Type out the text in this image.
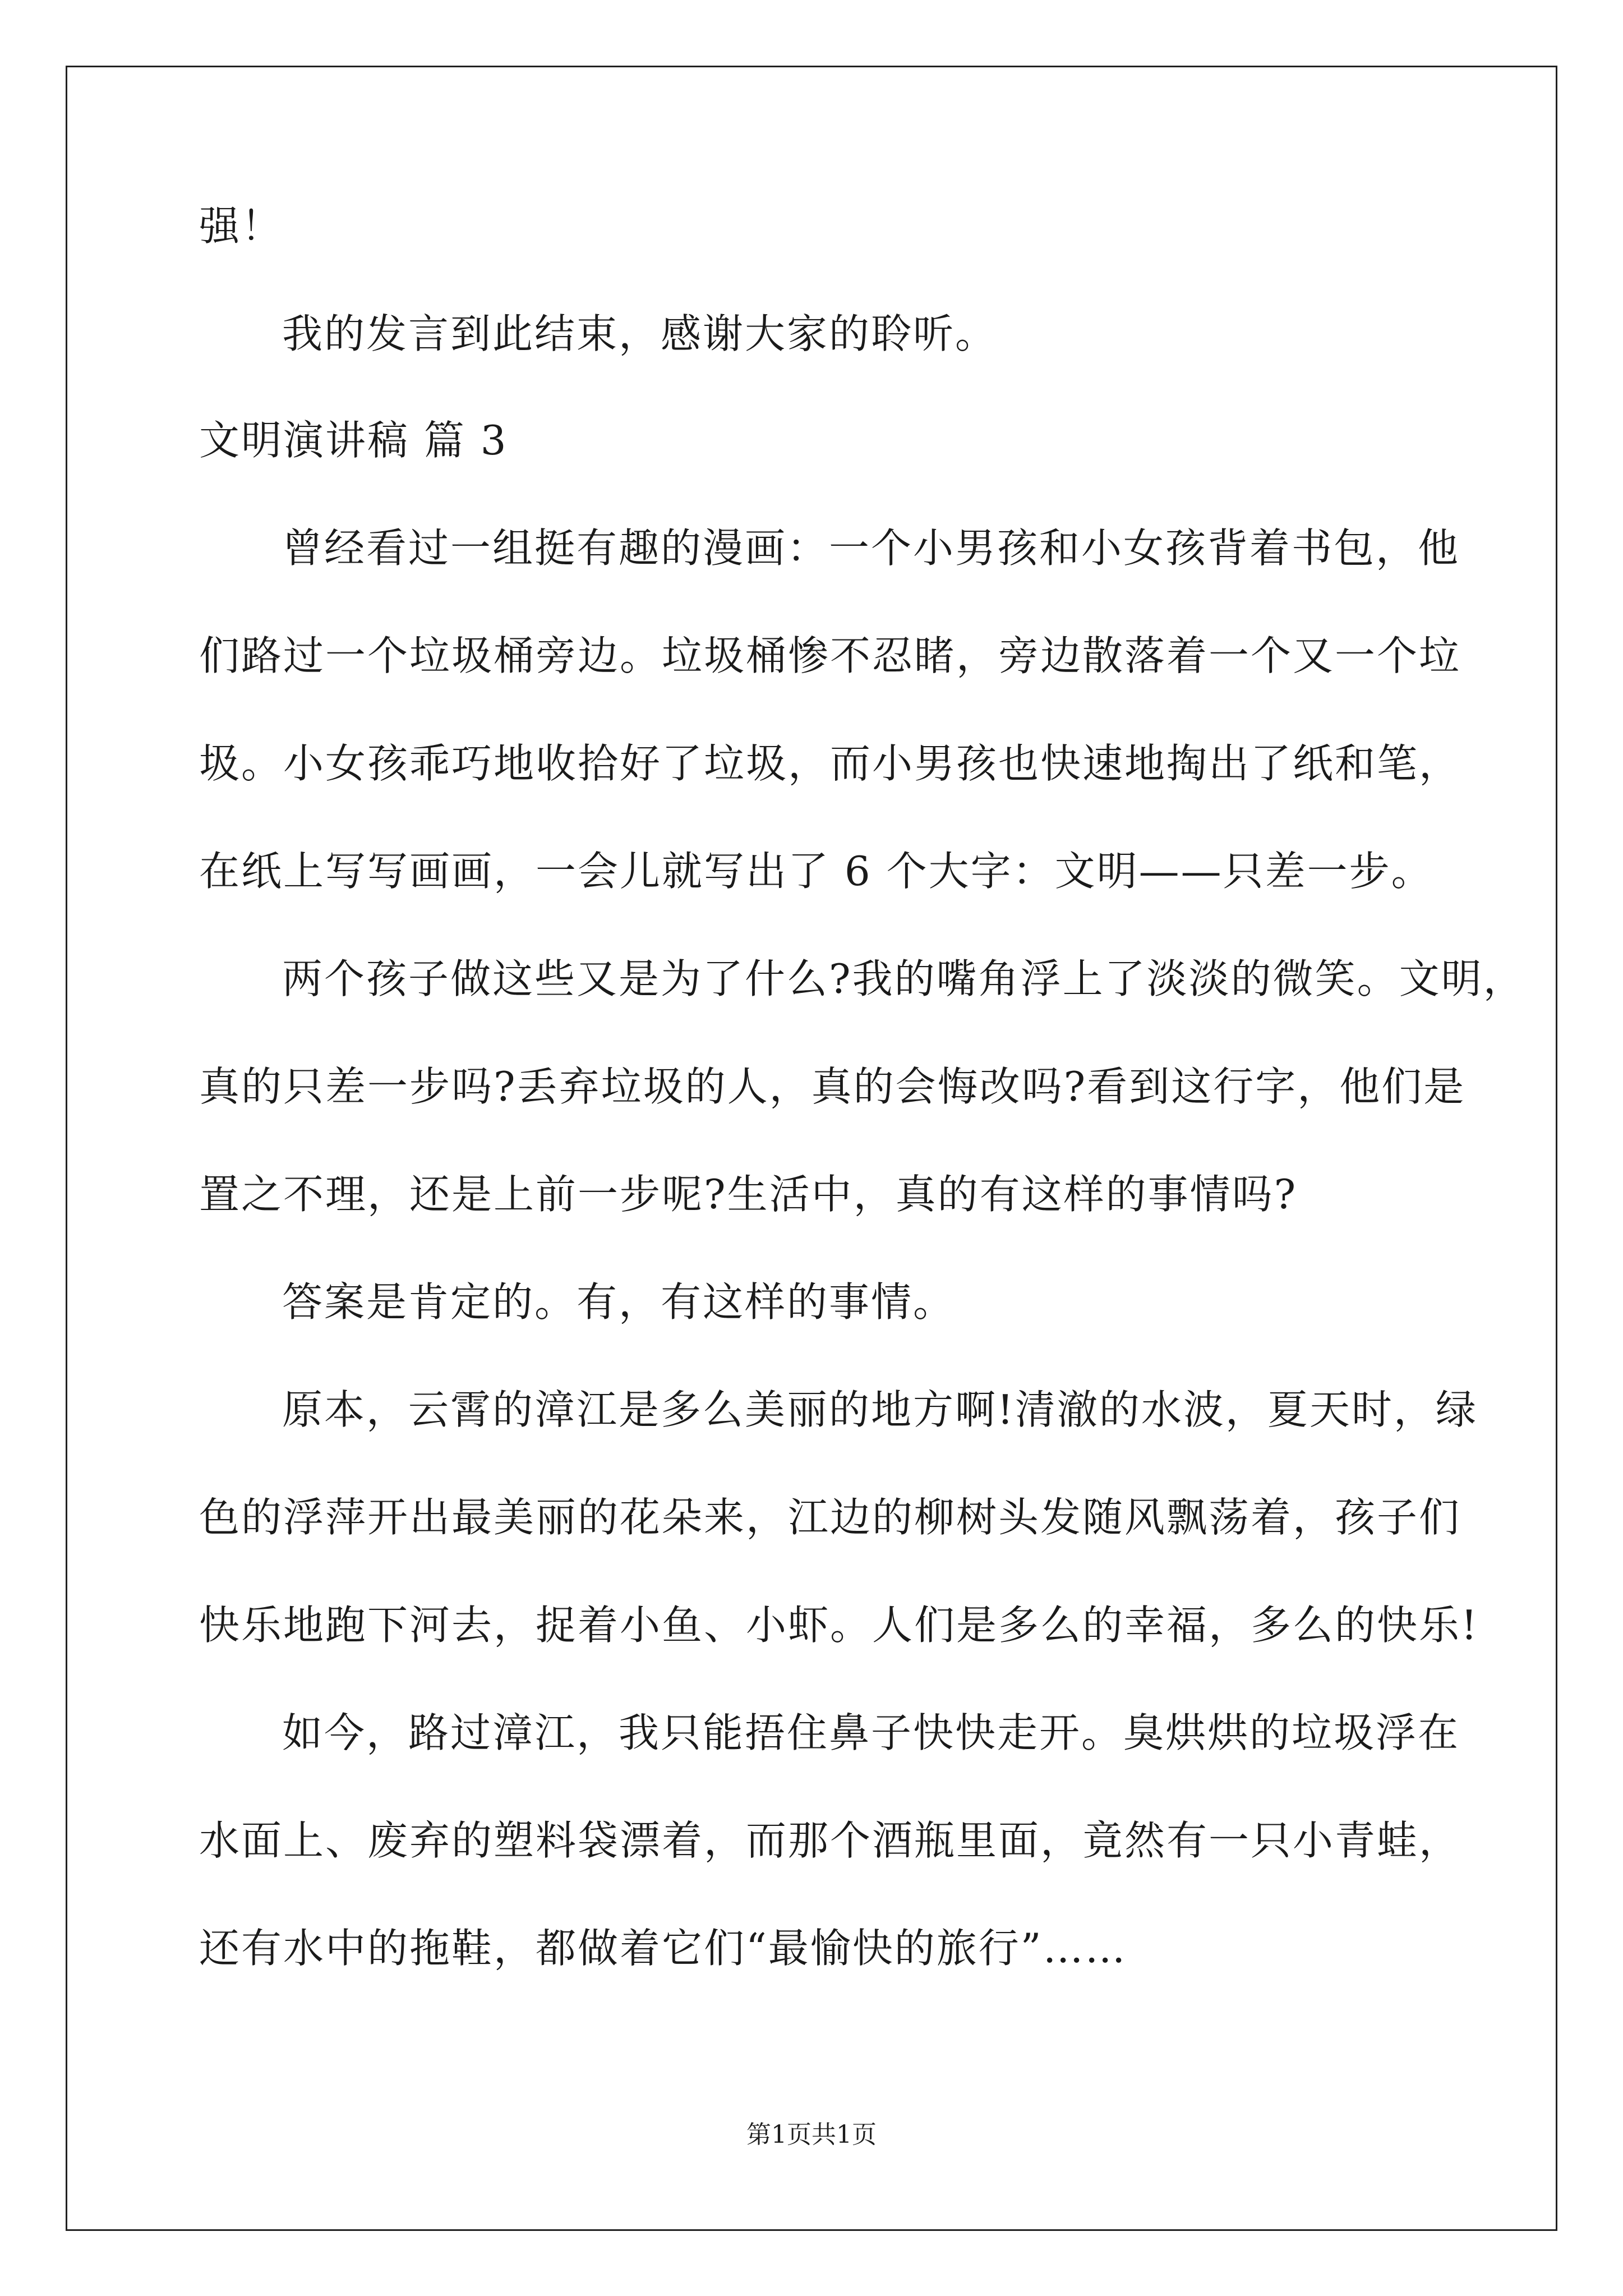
强！
我的发言到此结束，感谢大家的聆听。
文明演讲稿 篇 3
曾经看过一组挺有趣的漫画：一个小男孩和小女孩背着书包，他
们路过一个垃圾桶旁边。垃圾桶惨不忍睹，旁边散落着一个又一个垃
圾。小女孩乖巧地收拾好了垃圾，而小男孩也快速地掏出了纸和笔，
在纸上写写画画，一会儿就写出了 6 个大字：文明——只差一步。
两个孩子做这些又是为了什么?我的嘴角浮上了淡淡的微笑。文明，
真的只差一步吗?丢弃垃圾的人，真的会悔改吗?看到这行字，他们是
置之不理，还是上前一步呢?生活中，真的有这样的事情吗?
答案是肯定的。有，有这样的事情。
原本，云霄的漳江是多么美丽的地方啊!清澈的水波，夏天时，绿
色的浮萍开出最美丽的花朵来，江边的柳树头发随风飘荡着，孩子们
快乐地跑下河去，捉着小鱼、小虾。人们是多么的幸福，多么的快乐!
如今，路过漳江，我只能捂住鼻子快快走开。臭烘烘的垃圾浮在
水面上、废弃的塑料袋漂着，而那个酒瓶里面，竟然有一只小青蛙，
还有水中的拖鞋，都做着它们“最愉快的旅行”……
第1页共1页
